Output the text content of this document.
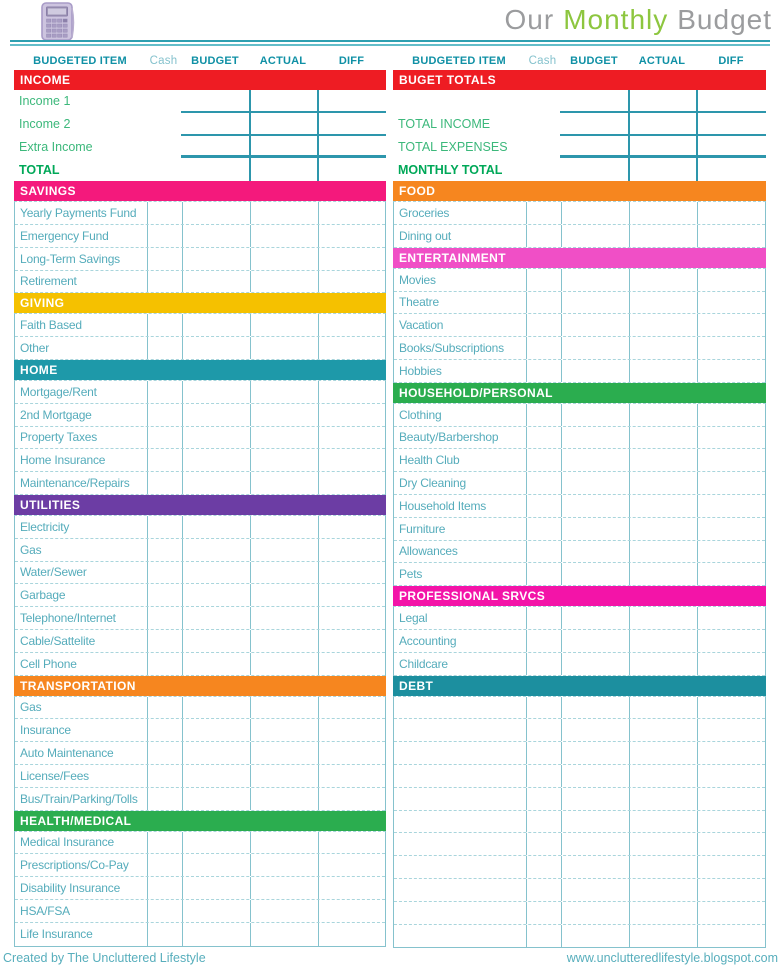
Our Monthly Budget
BUDGETED ITEM	Cash	BUDGET	ACTUAL	DIFF
INCOME
Income 1
Income 2
Extra Income
TOTAL
SAVINGS
Yearly Payments Fund
Emergency Fund
Long-Term Savings
Retirement
GIVING
Faith Based
Other
HOME
Mortgage/Rent
2nd Mortgage
Property Taxes
Home Insurance
Maintenance/Repairs
UTILITIES
Electricity
Gas
Water/Sewer
Garbage
Telephone/Internet
Cable/Sattelite
Cell Phone
TRANSPORTATION
Gas
Insurance
Auto Maintenance
License/Fees
Bus/Train/Parking/Tolls
HEALTH/MEDICAL
Medical Insurance
Prescriptions/Co-Pay
Disability Insurance
HSA/FSA
Life Insurance
BUDGETED ITEM	Cash	BUDGET	ACTUAL	DIFF
BUGET TOTALS
TOTAL INCOME
TOTAL EXPENSES
MONTHLY TOTAL
FOOD
Groceries
Dining out
ENTERTAINMENT
Movies
Theatre
Vacation
Books/Subscriptions
Hobbies
HOUSEHOLD/PERSONAL
Clothing
Beauty/Barbershop
Health Club
Dry Cleaning
Household Items
Furniture
Allowances
Pets
PROFESSIONAL SRVCS
Legal
Accounting
Childcare
DEBT
Created by The Uncluttered Lifestyle	www.unclutteredlifestyle.blogspot.com
